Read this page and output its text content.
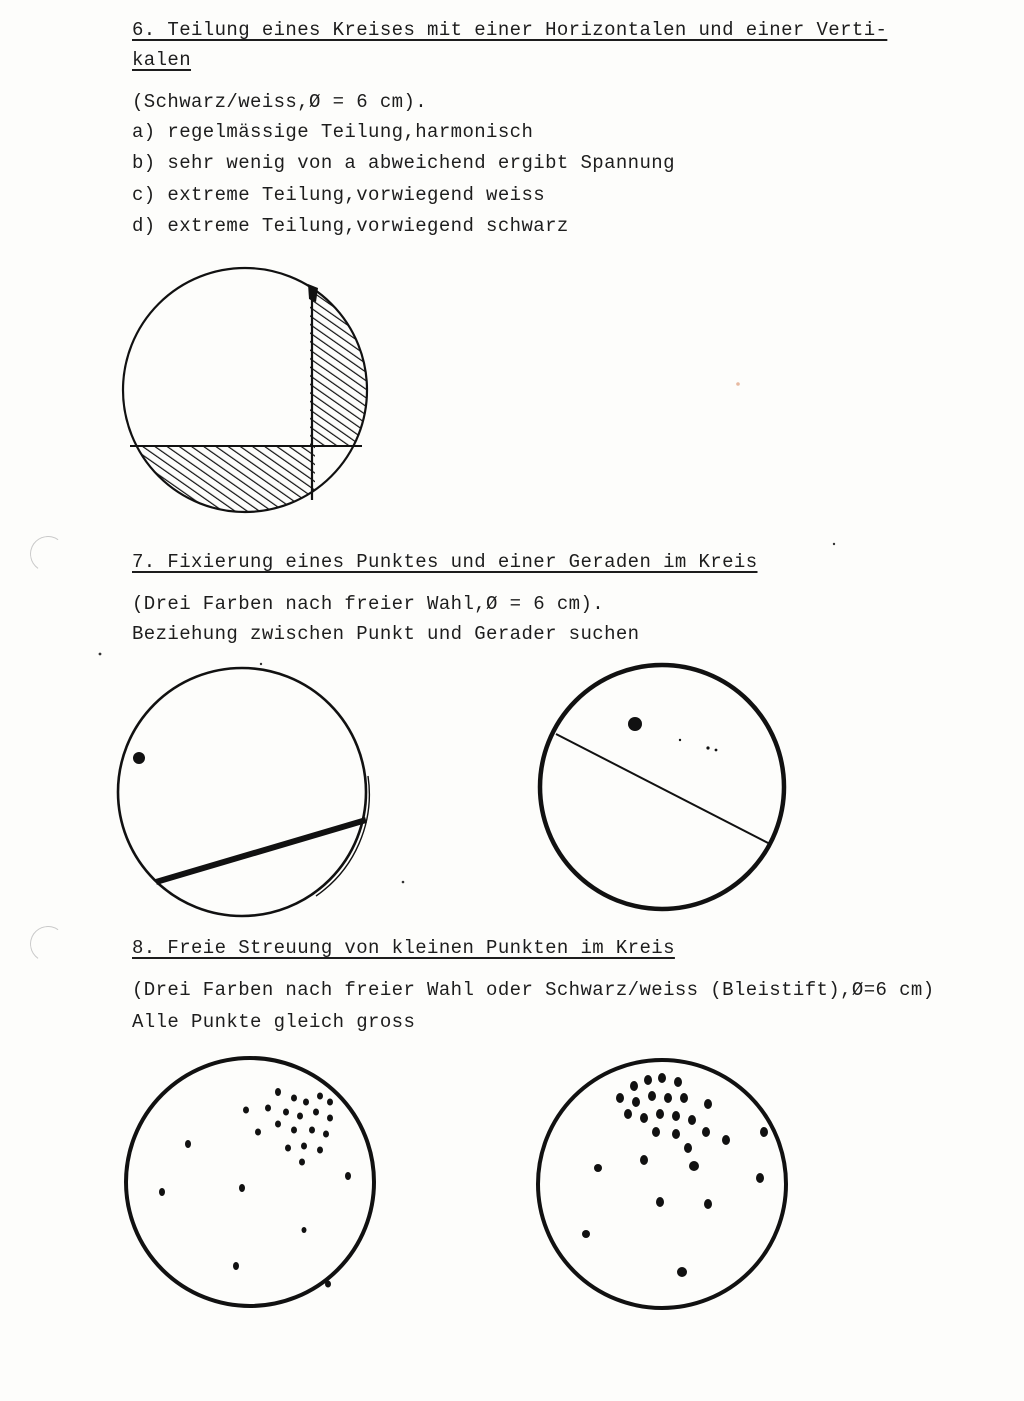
6. Teilung eines Kreises mit einer Horizontalen und einer Verti-

kalen

(Schwarz/weiss,Ø = 6 cm).

a) regelmässige Teilung,harmonisch

b) sehr wenig von a abweichend ergibt Spannung

c) extreme Teilung,vorwiegend weiss

d) extreme Teilung,vorwiegend schwarz

7. Fixierung eines Punktes und einer Geraden im Kreis

(Drei Farben nach freier Wahl,Ø = 6 cm).

Beziehung zwischen Punkt und Gerader suchen

8. Freie Streuung von kleinen Punkten im Kreis

(Drei Farben nach freier Wahl oder Schwarz/weiss (Bleistift),Ø=6 cm)

Alle Punkte gleich gross
